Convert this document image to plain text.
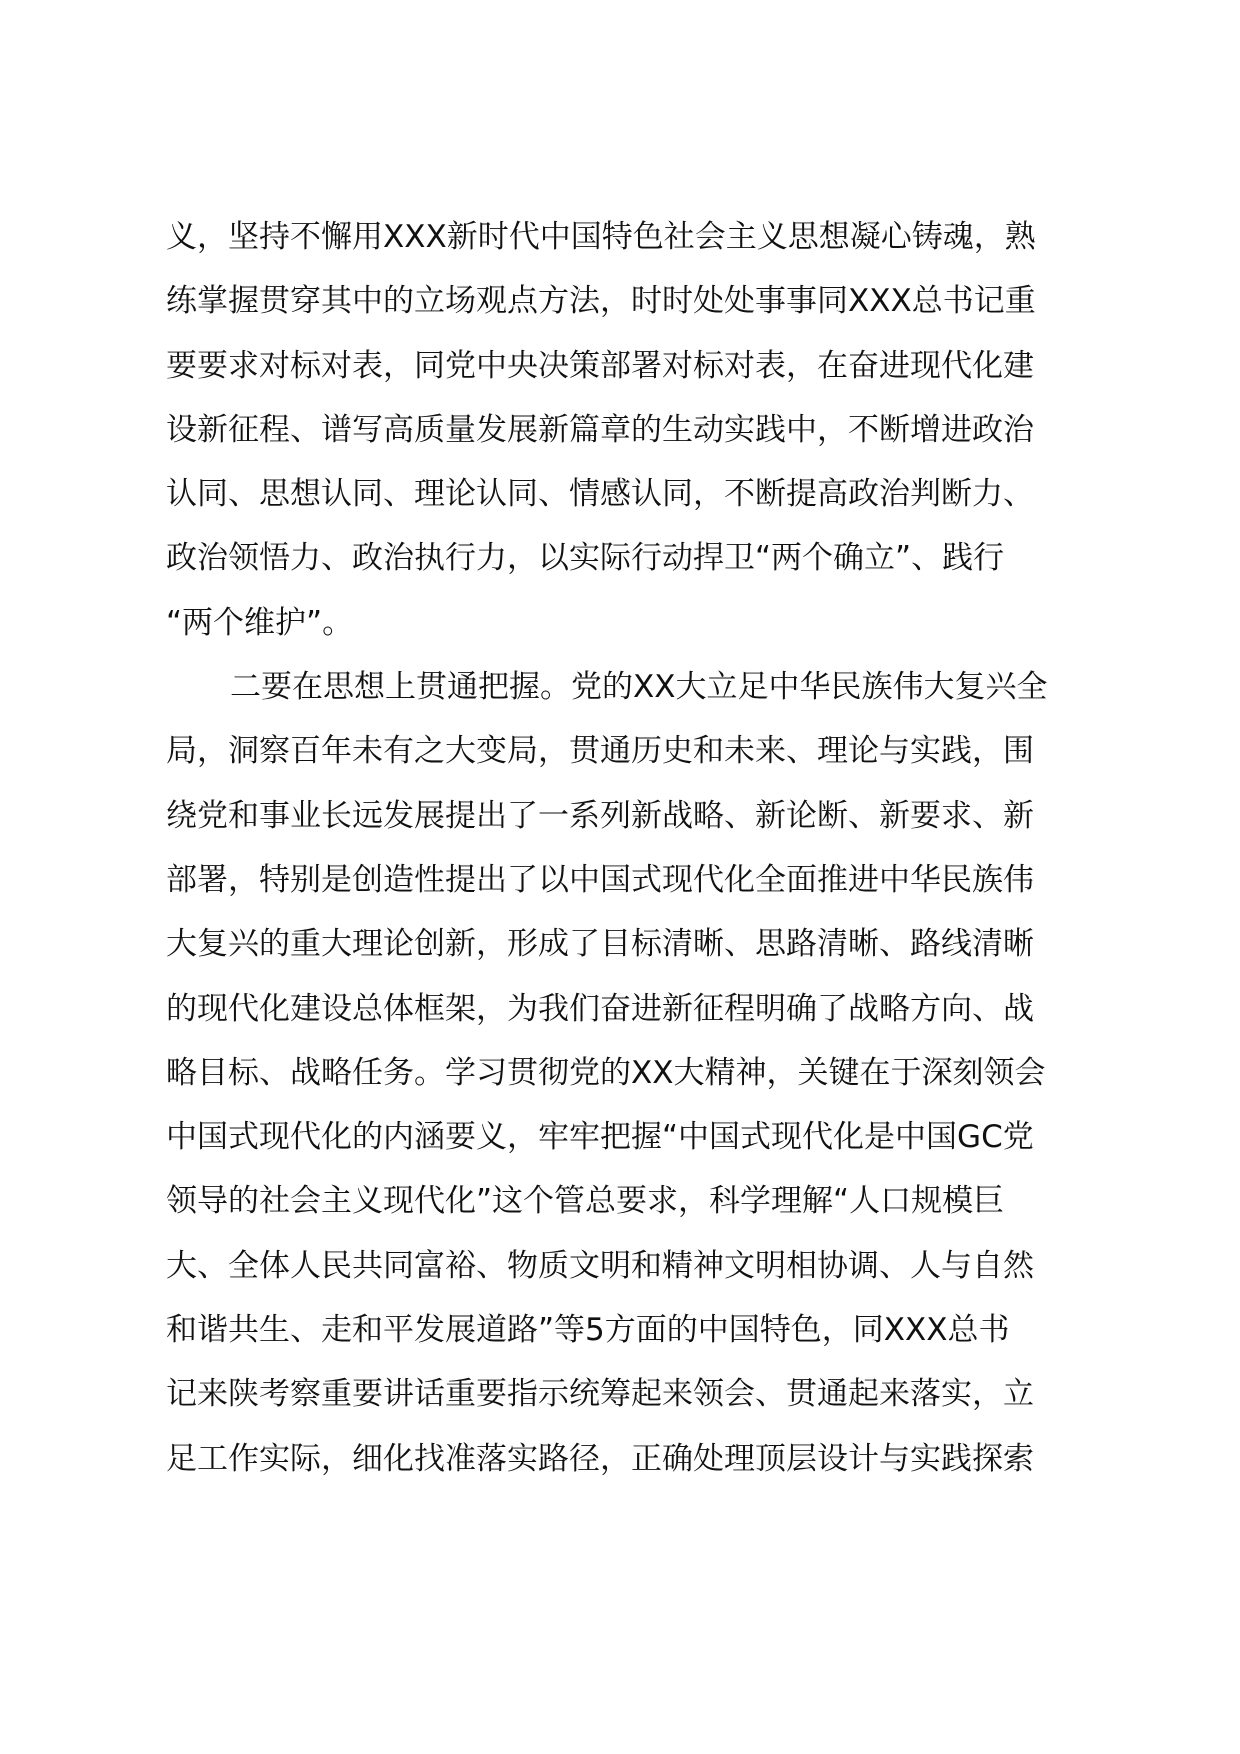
义，坚持不懈用XXX新时代中国特色社会主义思想凝心铸魂，熟
练掌握贯穿其中的立场观点方法，时时处处事事同XXX总书记重
要要求对标对表，同党中央决策部署对标对表，在奋进现代化建
设新征程、谱写高质量发展新篇章的生动实践中，不断增进政治
认同、思想认同、理论认同、情感认同，不断提高政治判断力、
政治领悟力、政治执行力，以实际行动捍卫“两个确立”、践行
“两个维护”。
二要在思想上贯通把握。党的XX大立足中华民族伟大复兴全
局，洞察百年未有之大变局，贯通历史和未来、理论与实践，围
绕党和事业长远发展提出了一系列新战略、新论断、新要求、新
部署，特别是创造性提出了以中国式现代化全面推进中华民族伟
大复兴的重大理论创新，形成了目标清晰、思路清晰、路线清晰
的现代化建设总体框架，为我们奋进新征程明确了战略方向、战
略目标、战略任务。学习贯彻党的XX大精神，关键在于深刻领会
中国式现代化的内涵要义，牢牢把握“中国式现代化是中国GC党
领导的社会主义现代化”这个管总要求，科学理解“人口规模巨
大、全体人民共同富裕、物质文明和精神文明相协调、人与自然
和谐共生、走和平发展道路”等5方面的中国特色，同XXX总书
记来陕考察重要讲话重要指示统筹起来领会、贯通起来落实，立
足工作实际，细化找准落实路径，正确处理顶层设计与实践探索
